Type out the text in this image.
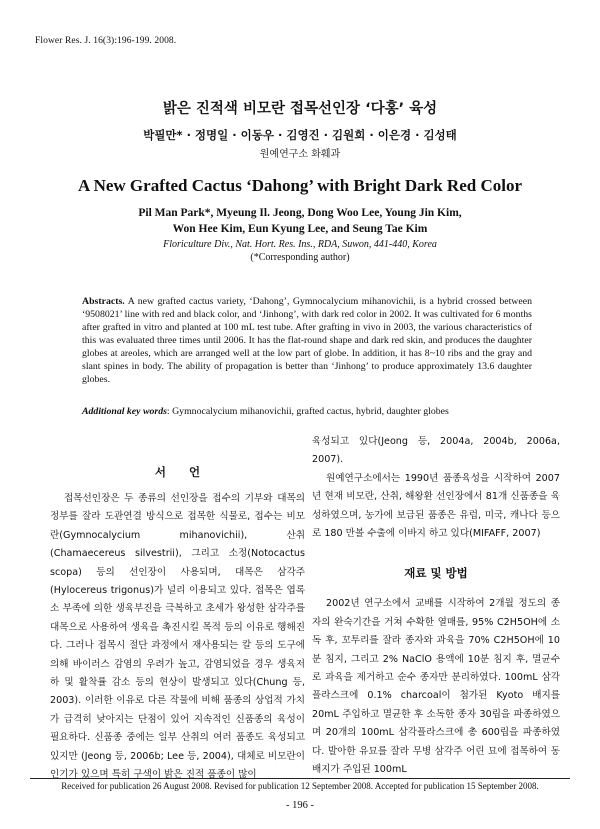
Flower Res. J. 16(3):196-199. 2008.
밝은 진적색 비모란 접목선인장 ‘다홍’ 육성
박필만* · 정명일 · 이동우 · 김영진 · 김원희 · 이은경 · 김성태
원예연구소 화훼과
A New Grafted Cactus ‘Dahong’ with Bright Dark Red Color
Pil Man Park*, Myeung Il. Jeong, Dong Woo Lee, Young Jin Kim,
Won Hee Kim, Eun Kyung Lee, and Seung Tae Kim
Floriculture Div., Nat. Hort. Res. Ins., RDA, Suwon, 441-440, Korea
(*Corresponding author)
Abstracts. A new grafted cactus variety, ‘Dahong’, Gymnocalycium mihanovichii, is a hybrid crossed between ‘9508021’ line with red and black color, and ‘Jinhong’, with dark red color in 2002. It was cultivated for 6 months after grafted in vitro and planted at 100 mL test tube. After grafting in vivo in 2003, the various characteristics of this was evaluated three times until 2006. It has the flat-round shape and dark red skin, and produces the daughter globes at areoles, which are arranged well at the low part of globe. In addition, it has 8~10 ribs and the gray and slant spines in body. The ability of propagation is better than ‘Jinhong’ to produce approximately 13.6 daughter globes.
Additional key words: Gymnocalycium mihanovichii, grafted cactus, hybrid, daughter globes
서　　언

접목선인장은 두 종류의 선인장을 접수의 기부와 대목의 정부를 잘라 도관연결 방식으로 접목한 식물로, 접수는 비모란(Gymnocalycium mihanovichii), 산취(Chamaecereus silvestrii), 그리고 소정(Notocactus scopa) 등의 선인장이 사용되며, 대목은 삼각주(Hylocereus trigonus)가 널리 이용되고 있다. 접목은 엽록소 부족에 의한 생육부진을 극복하고 초세가 왕성한 삼각주를 대목으로 사용하여 생육을 촉진시킬 목적 등의 이유로 행해진다. 그러나 접목시 절단 과정에서 재사용되는 칼 등의 도구에 의해 바이러스 감염의 우려가 높고, 감염되었을 경우 생육저하 및 활착률 감소 등의 현상이 발생되고 있다(Chung 등, 2003). 이러한 이유로 다른 작물에 비해 품종의 상업적 가치가 급격히 낮아지는 단점이 있어 지속적인 신품종의 육성이 필요하다. 신품종 중에는 일부 산취의 여러 품종도 육성되고 있지만 (Jeong 등, 2006b; Lee 등, 2004), 대체로 비모란이 인기가 있으며 특히 구색이 밝은 진적 품종이 많이

육성되고 있다(Jeong 등, 2004a, 2004b, 2006a, 2007).

원예연구소에서는 1990년 품종육성을 시작하여 2007년 현재 비모란, 산취, 해왕환 선인장에서 81개 신품종을 육성하였으며, 농가에 보급된 품종은 유럽, 미국, 캐나다 등으로 180 만볼 수출에 이바지 하고 있다(MIFAFF, 2007)

재료 및 방법

2002년 연구소에서 교배를 시작하여 2개월 정도의 종자의 완숙기간을 거쳐 수확한 열매를, 95% C2H5OH에 소독 후, 꼬투리를 잘라 종자와 과육을 70% C2H5OH에 10분 침지, 그리고 2% NaClO 용액에 10분 침지 후, 멸균수로 과육을 제거하고 순수 종자만 분리하였다. 100mL 삼각플라스크에 0.1% charcoal이 첨가된 Kyoto 배지를 20mL 주입하고 멸균한 후 소독한 종자 30립을 파종하였으며 20개의 100mL 삼각플라스크에 총 600립을 파종하였다. 발아한 유묘를 잘라 무병 삼각주 어린 묘에 접목하여 동 배지가 주입된 100mL

Received for publication 26 August 2008. Revised for publication 12 September 2008. Accepted for publication 15 September 2008.
- 196 -
